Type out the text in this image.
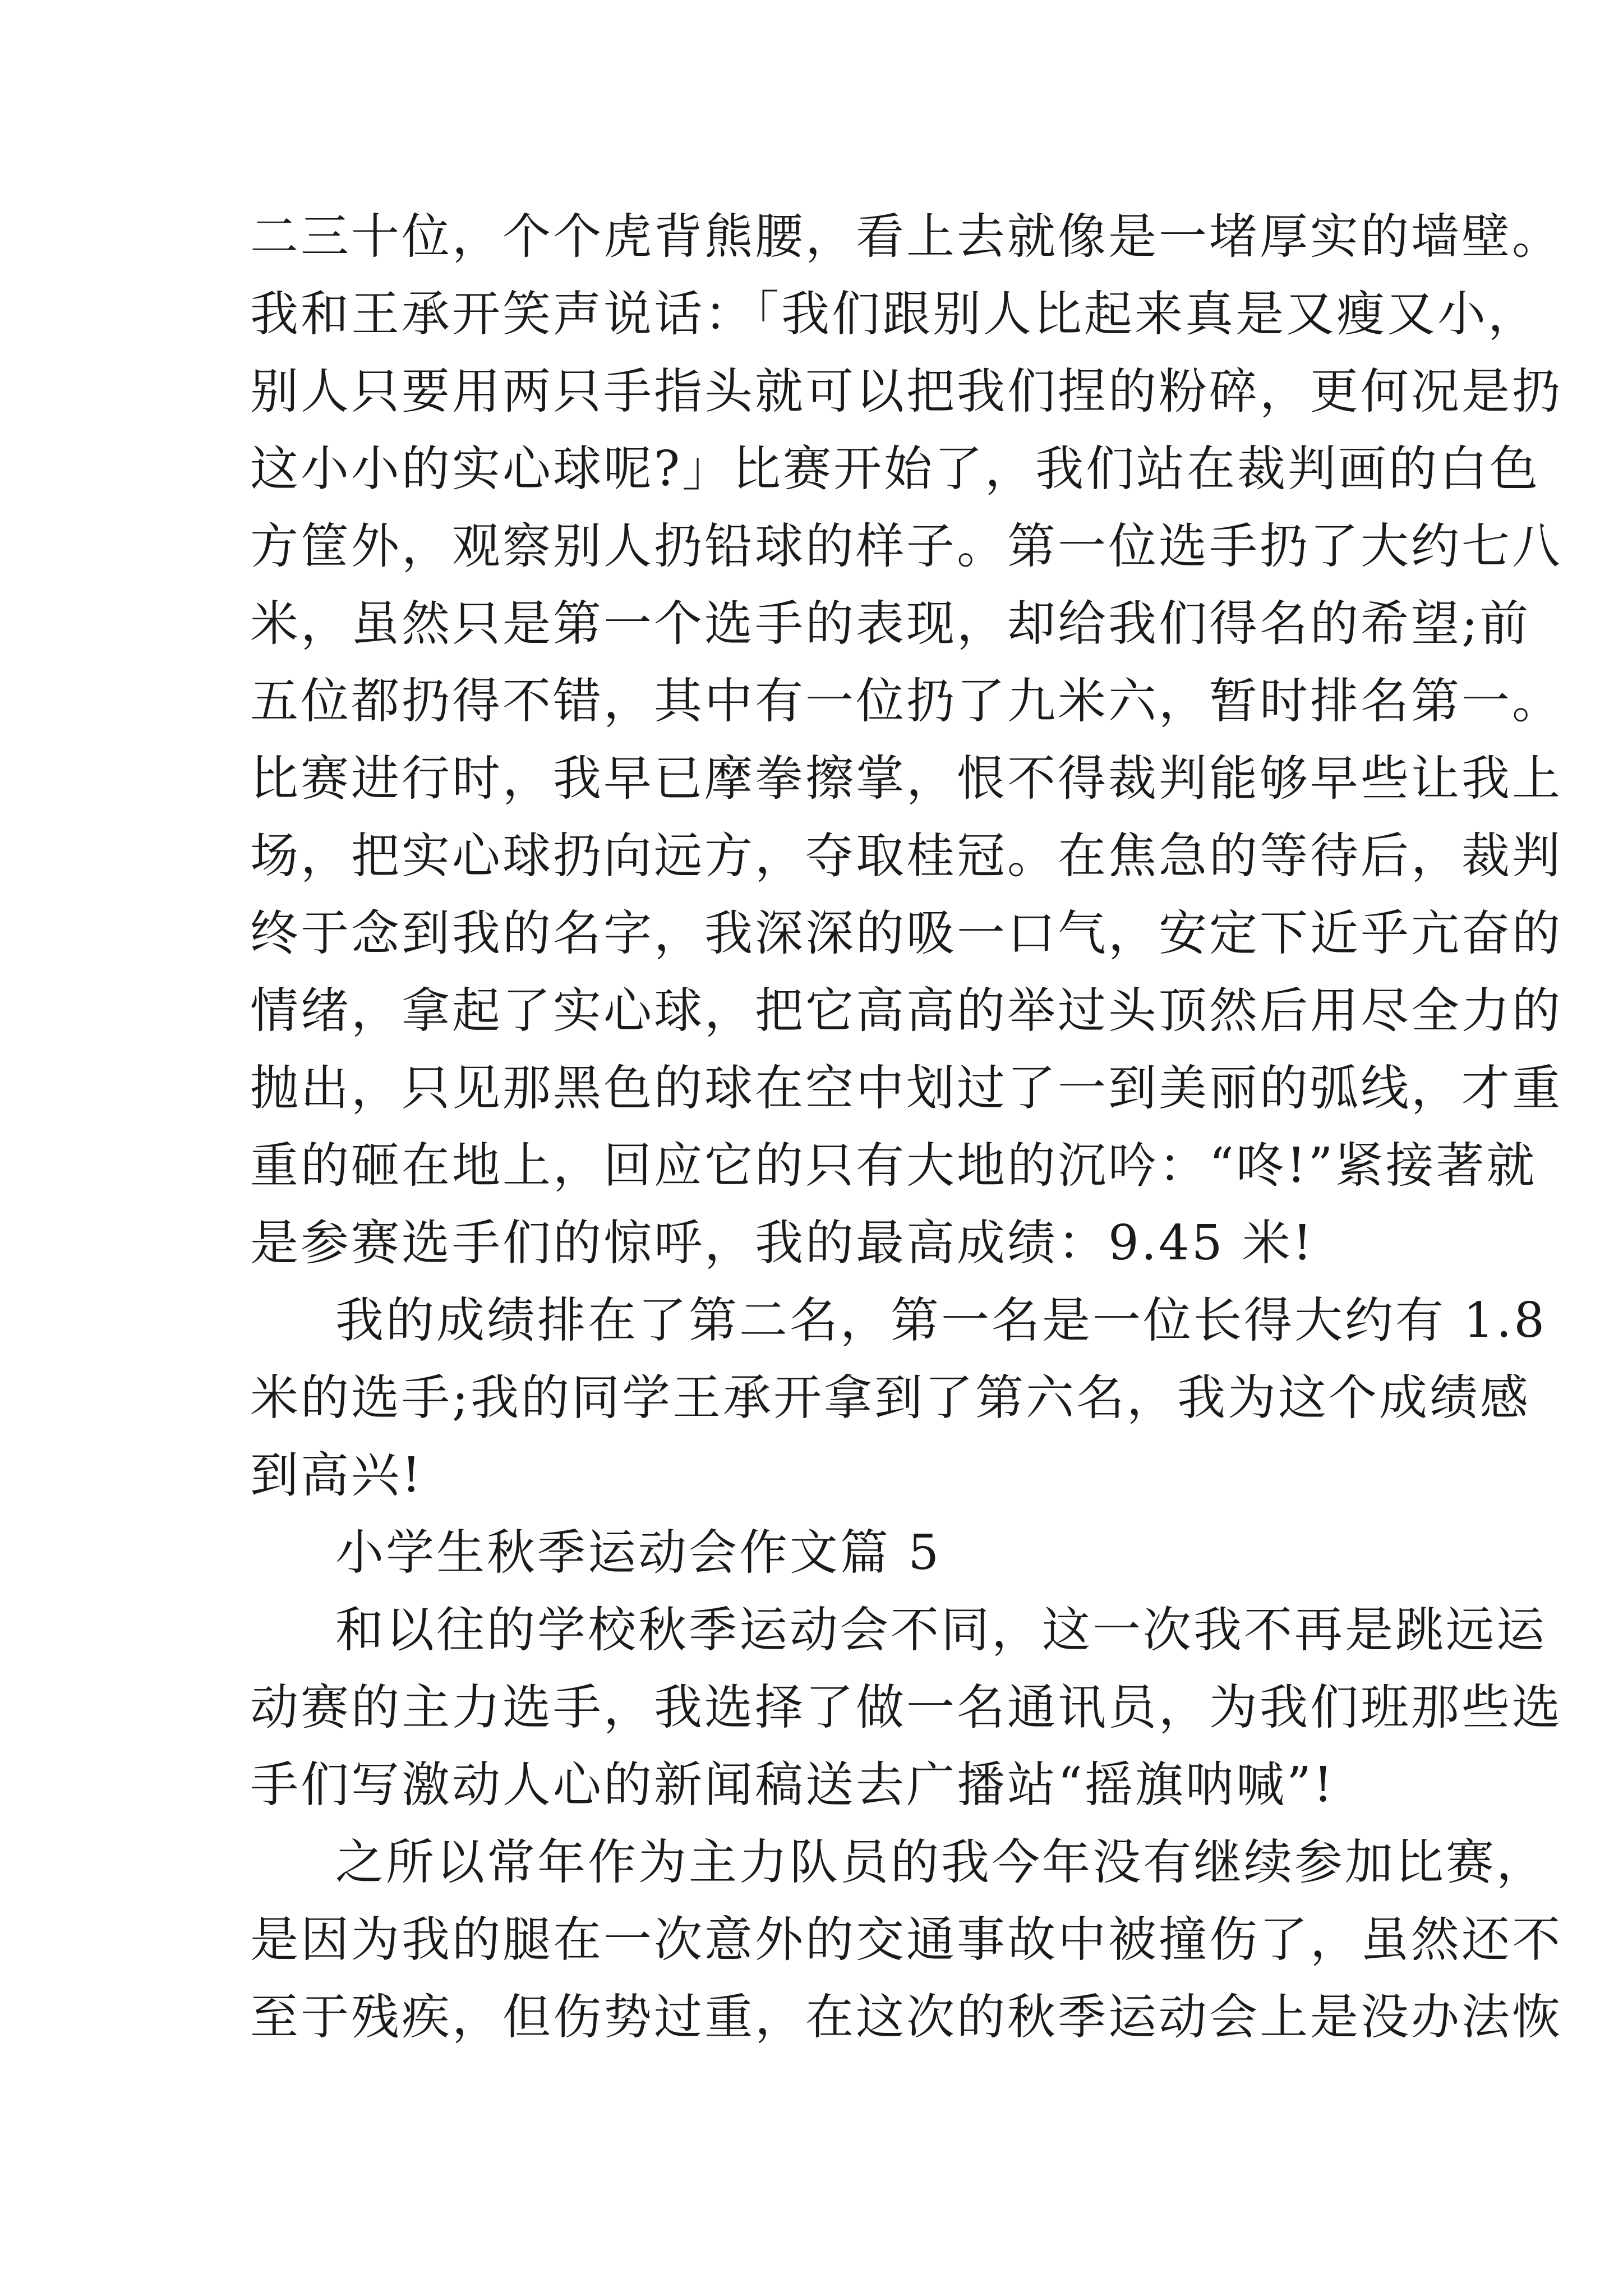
二三十位，个个虎背熊腰，看上去就像是一堵厚实的墙壁。
我和王承开笑声说话：「我们跟别人比起来真是又瘦又小，
别人只要用两只手指头就可以把我们捏的粉碎，更何况是扔
这小小的实心球呢?」比赛开始了，我们站在裁判画的白色
方筐外，观察别人扔铅球的样子。第一位选手扔了大约七八
米，虽然只是第一个选手的表现，却给我们得名的希望;前
五位都扔得不错，其中有一位扔了九米六，暂时排名第一。
比赛进行时，我早已摩拳擦掌，恨不得裁判能够早些让我上
场，把实心球扔向远方，夺取桂冠。在焦急的等待后，裁判
终于念到我的名字，我深深的吸一口气，安定下近乎亢奋的
情绪，拿起了实心球，把它高高的举过头顶然后用尽全力的
抛出，只见那黑色的球在空中划过了一到美丽的弧线，才重
重的砸在地上，回应它的只有大地的沉吟：“咚!”紧接著就
是参赛选手们的惊呼，我的最高成绩：9.45 米!
我的成绩排在了第二名，第一名是一位长得大约有 1.8
米的选手;我的同学王承开拿到了第六名，我为这个成绩感
到高兴!
小学生秋季运动会作文篇 5
和以往的学校秋季运动会不同，这一次我不再是跳远运
动赛的主力选手，我选择了做一名通讯员，为我们班那些选
手们写激动人心的新闻稿送去广播站“摇旗呐喊”!
之所以常年作为主力队员的我今年没有继续参加比赛，
是因为我的腿在一次意外的交通事故中被撞伤了，虽然还不
至于残疾，但伤势过重，在这次的秋季运动会上是没办法恢
